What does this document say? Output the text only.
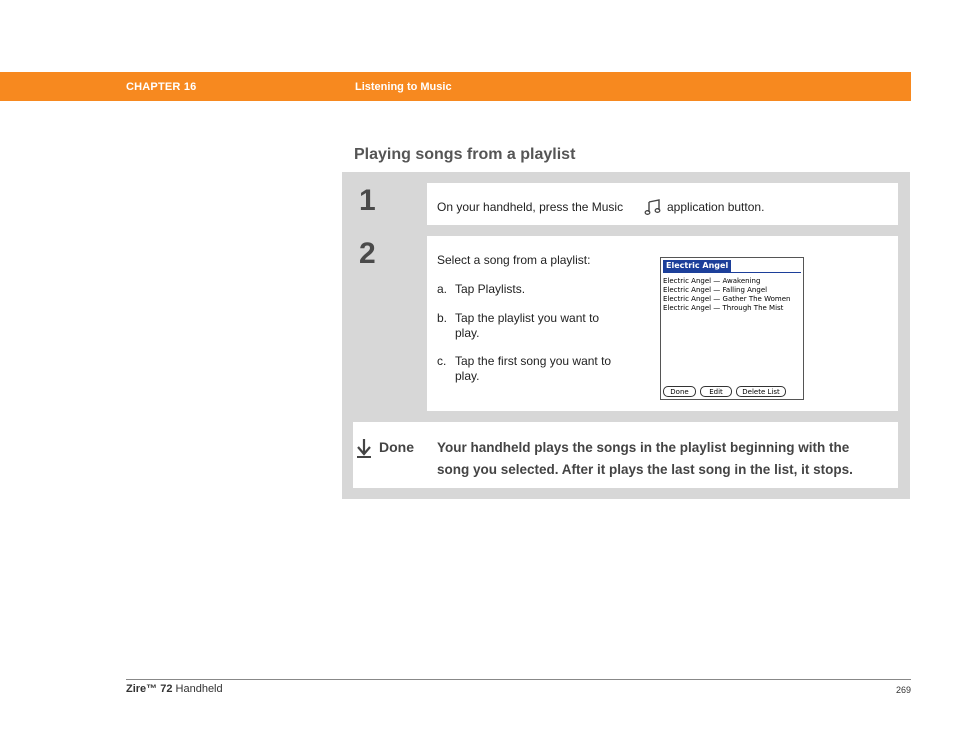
CHAPTER 16	Listening to Music
Playing songs from a playlist
1	On your handheld, press the Music	application button.
2	Select a song from a playlist:
a. Tap Playlists.
b. Tap the playlist you want to
play.
c. Tap the first song you want to
play.
Electric Angel
Electric Angel — Awakening
Electric Angel — Falling Angel
Electric Angel — Gather The Women
Electric Angel — Through The Mist
Done	Edit	Delete List
Done Your handheld plays the songs in the playlist beginning with the
song you selected. After it plays the last song in the list, it stops.
Zire™ 72 Handheld	269
